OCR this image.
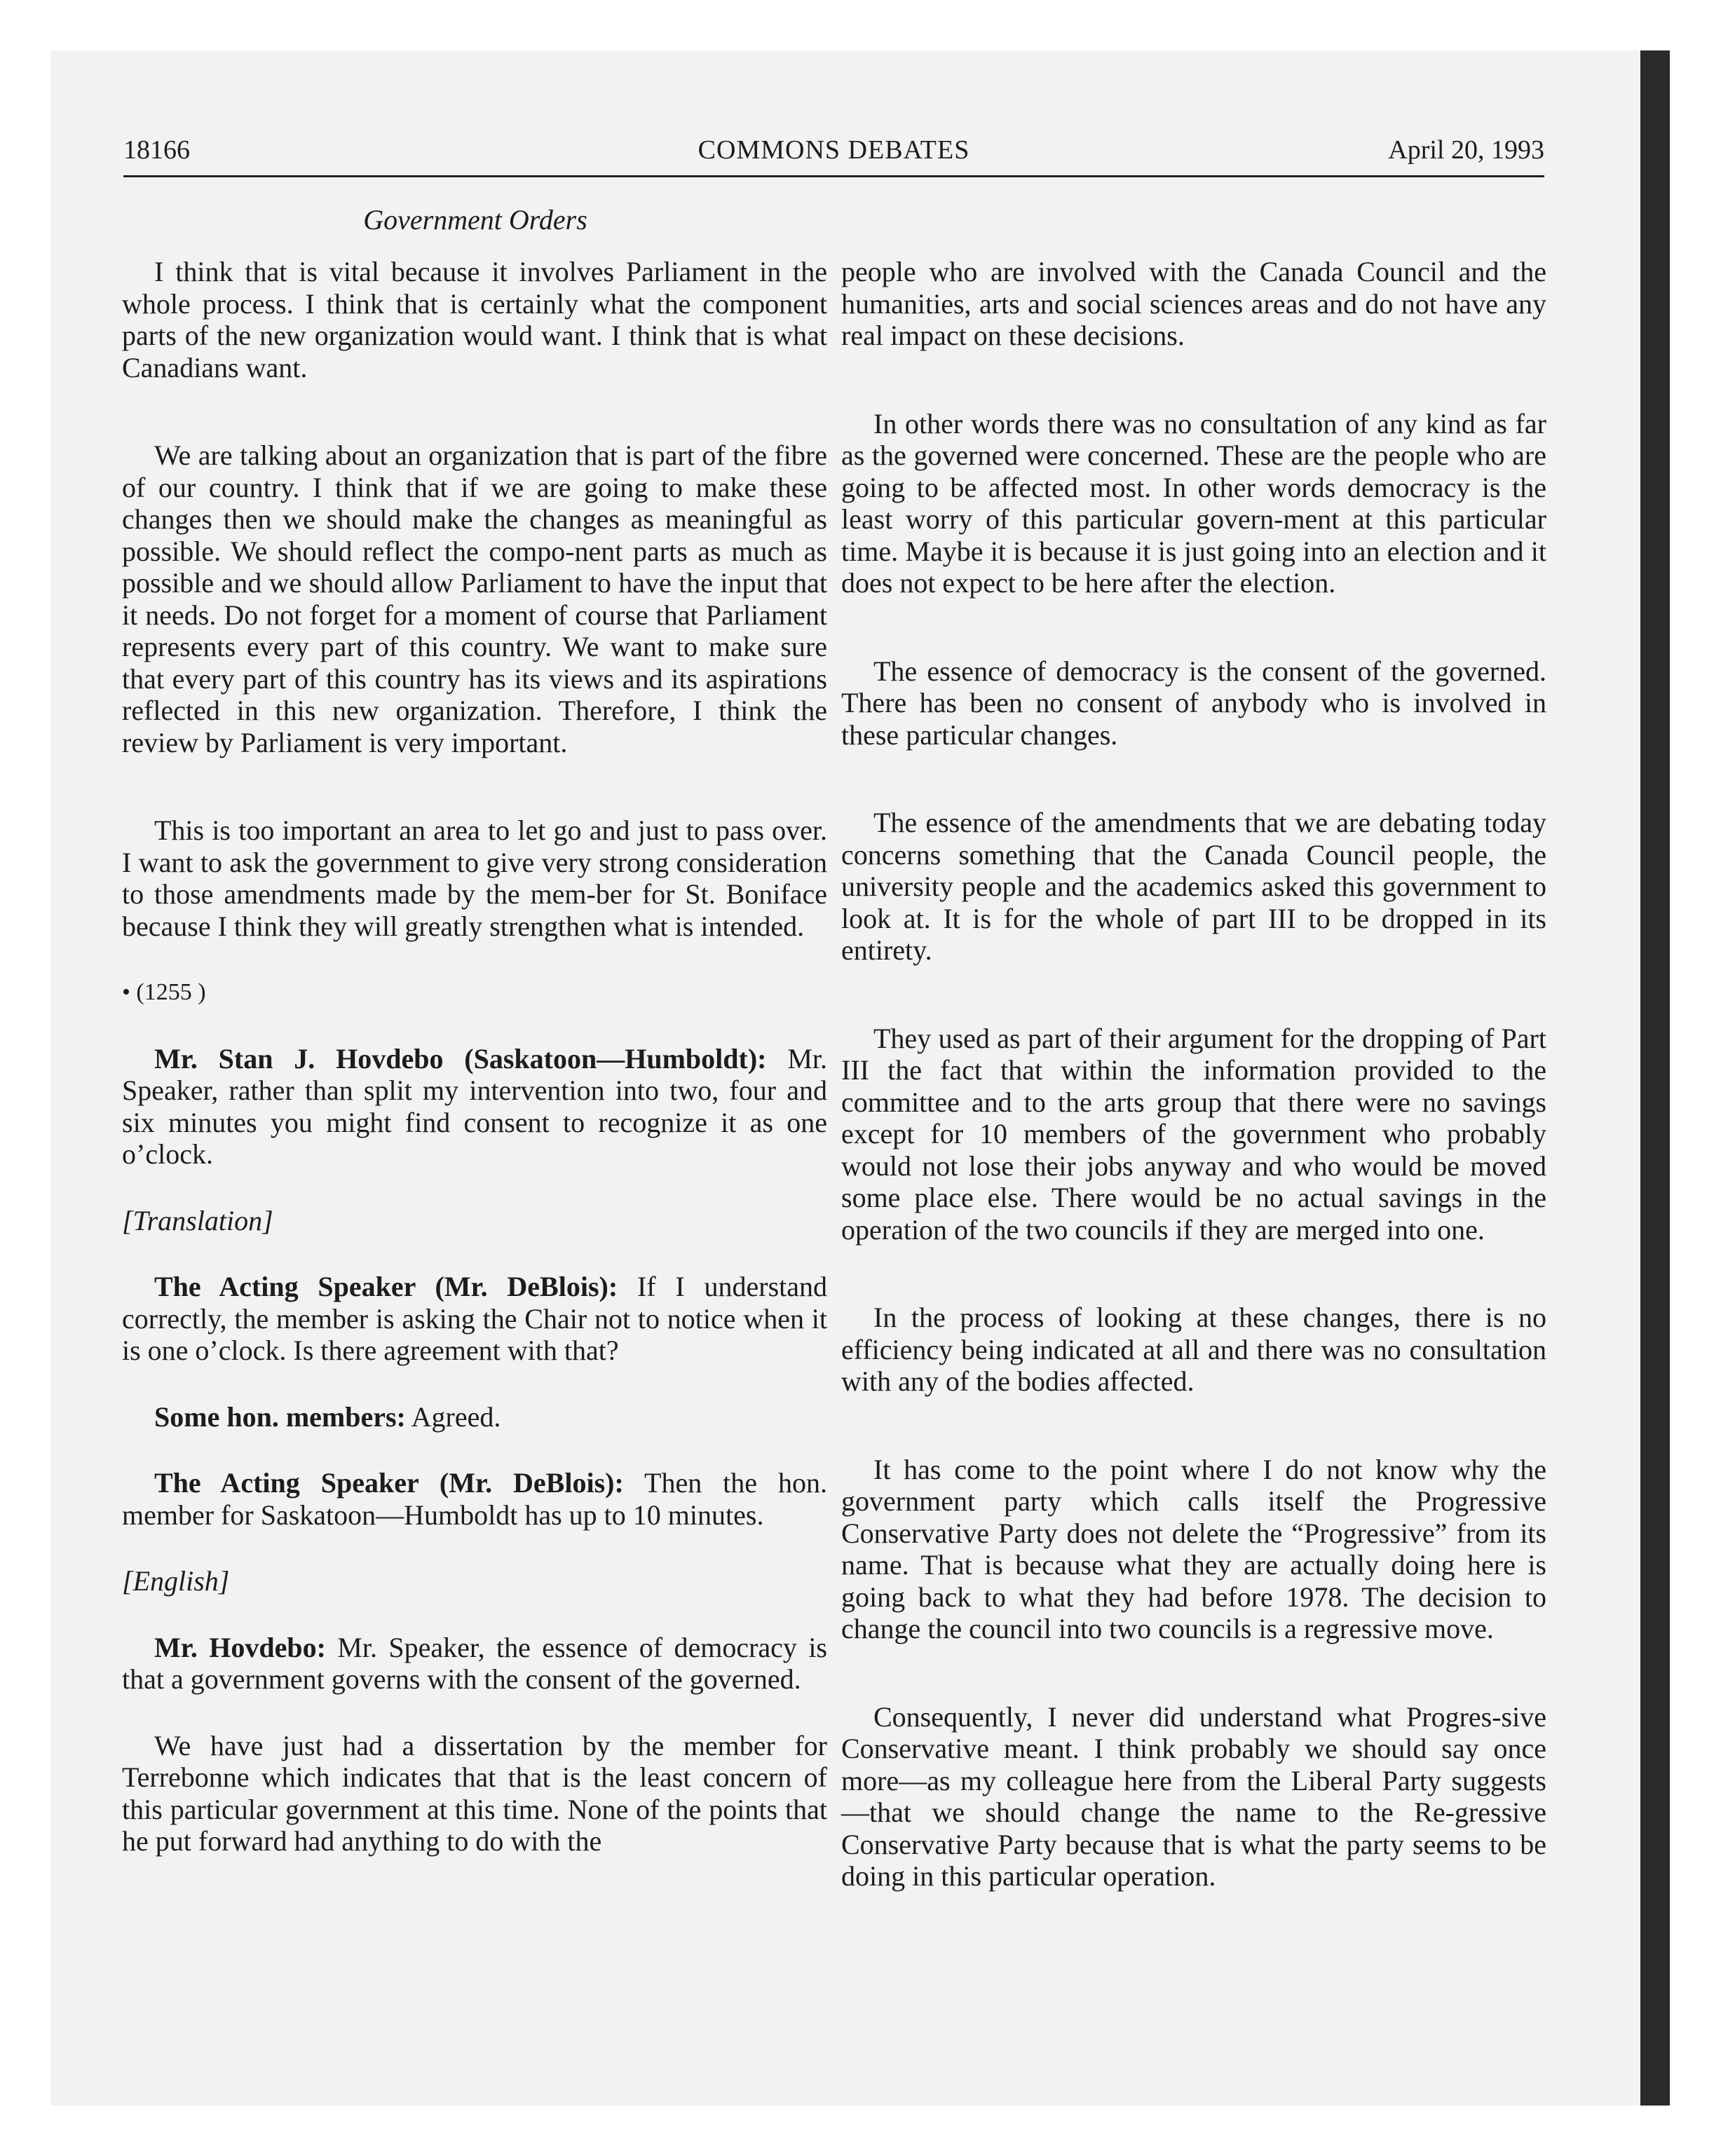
18166	COMMONS DEBATES	April 20, 1993
Government Orders

I think that is vital because it involves Parliament in the whole process. I think that is certainly what the component parts of the new organization would want. I think that is what Canadians want.

We are talking about an organization that is part of the fibre of our country. I think that if we are going to make these changes then we should make the changes as meaningful as possible. We should reflect the compo-nent parts as much as possible and we should allow Parliament to have the input that it needs. Do not forget for a moment of course that Parliament represents every part of this country. We want to make sure that every part of this country has its views and its aspirations reflected in this new organization. Therefore, I think the review by Parliament is very important.

This is too important an area to let go and just to pass over. I want to ask the government to give very strong consideration to those amendments made by the mem-ber for St. Boniface because I think they will greatly strengthen what is intended.

• (1255 )

Mr. Stan J. Hovdebo (Saskatoon—Humboldt): Mr. Speaker, rather than split my intervention into two, four and six minutes you might find consent to recognize it as one o’clock.

[Translation]

The Acting Speaker (Mr. DeBlois): If I understand correctly, the member is asking the Chair not to notice when it is one o’clock. Is there agreement with that?

Some hon. members: Agreed.

The Acting Speaker (Mr. DeBlois): Then the hon. member for Saskatoon—Humboldt has up to 10 minutes.

[English]

Mr. Hovdebo: Mr. Speaker, the essence of democracy is that a government governs with the consent of the governed.

We have just had a dissertation by the member for Terrebonne which indicates that that is the least concern of this particular government at this time. None of the points that he put forward had anything to do with the

people who are involved with the Canada Council and the humanities, arts and social sciences areas and do not have any real impact on these decisions.

In other words there was no consultation of any kind as far as the governed were concerned. These are the people who are going to be affected most. In other words democracy is the least worry of this particular govern-ment at this particular time. Maybe it is because it is just going into an election and it does not expect to be here after the election.

The essence of democracy is the consent of the governed. There has been no consent of anybody who is involved in these particular changes.

The essence of the amendments that we are debating today concerns something that the Canada Council people, the university people and the academics asked this government to look at. It is for the whole of part III to be dropped in its entirety.

They used as part of their argument for the dropping of Part III the fact that within the information provided to the committee and to the arts group that there were no savings except for 10 members of the government who probably would not lose their jobs anyway and who would be moved some place else. There would be no actual savings in the operation of the two councils if they are merged into one.

In the process of looking at these changes, there is no efficiency being indicated at all and there was no consultation with any of the bodies affected.

It has come to the point where I do not know why the government party which calls itself the Progressive Conservative Party does not delete the “Progressive” from its name. That is because what they are actually doing here is going back to what they had before 1978. The decision to change the council into two councils is a regressive move.

Consequently, I never did understand what Progres-sive Conservative meant. I think probably we should say once more—as my colleague here from the Liberal Party suggests—that we should change the name to the Re-gressive Conservative Party because that is what the party seems to be doing in this particular operation.
